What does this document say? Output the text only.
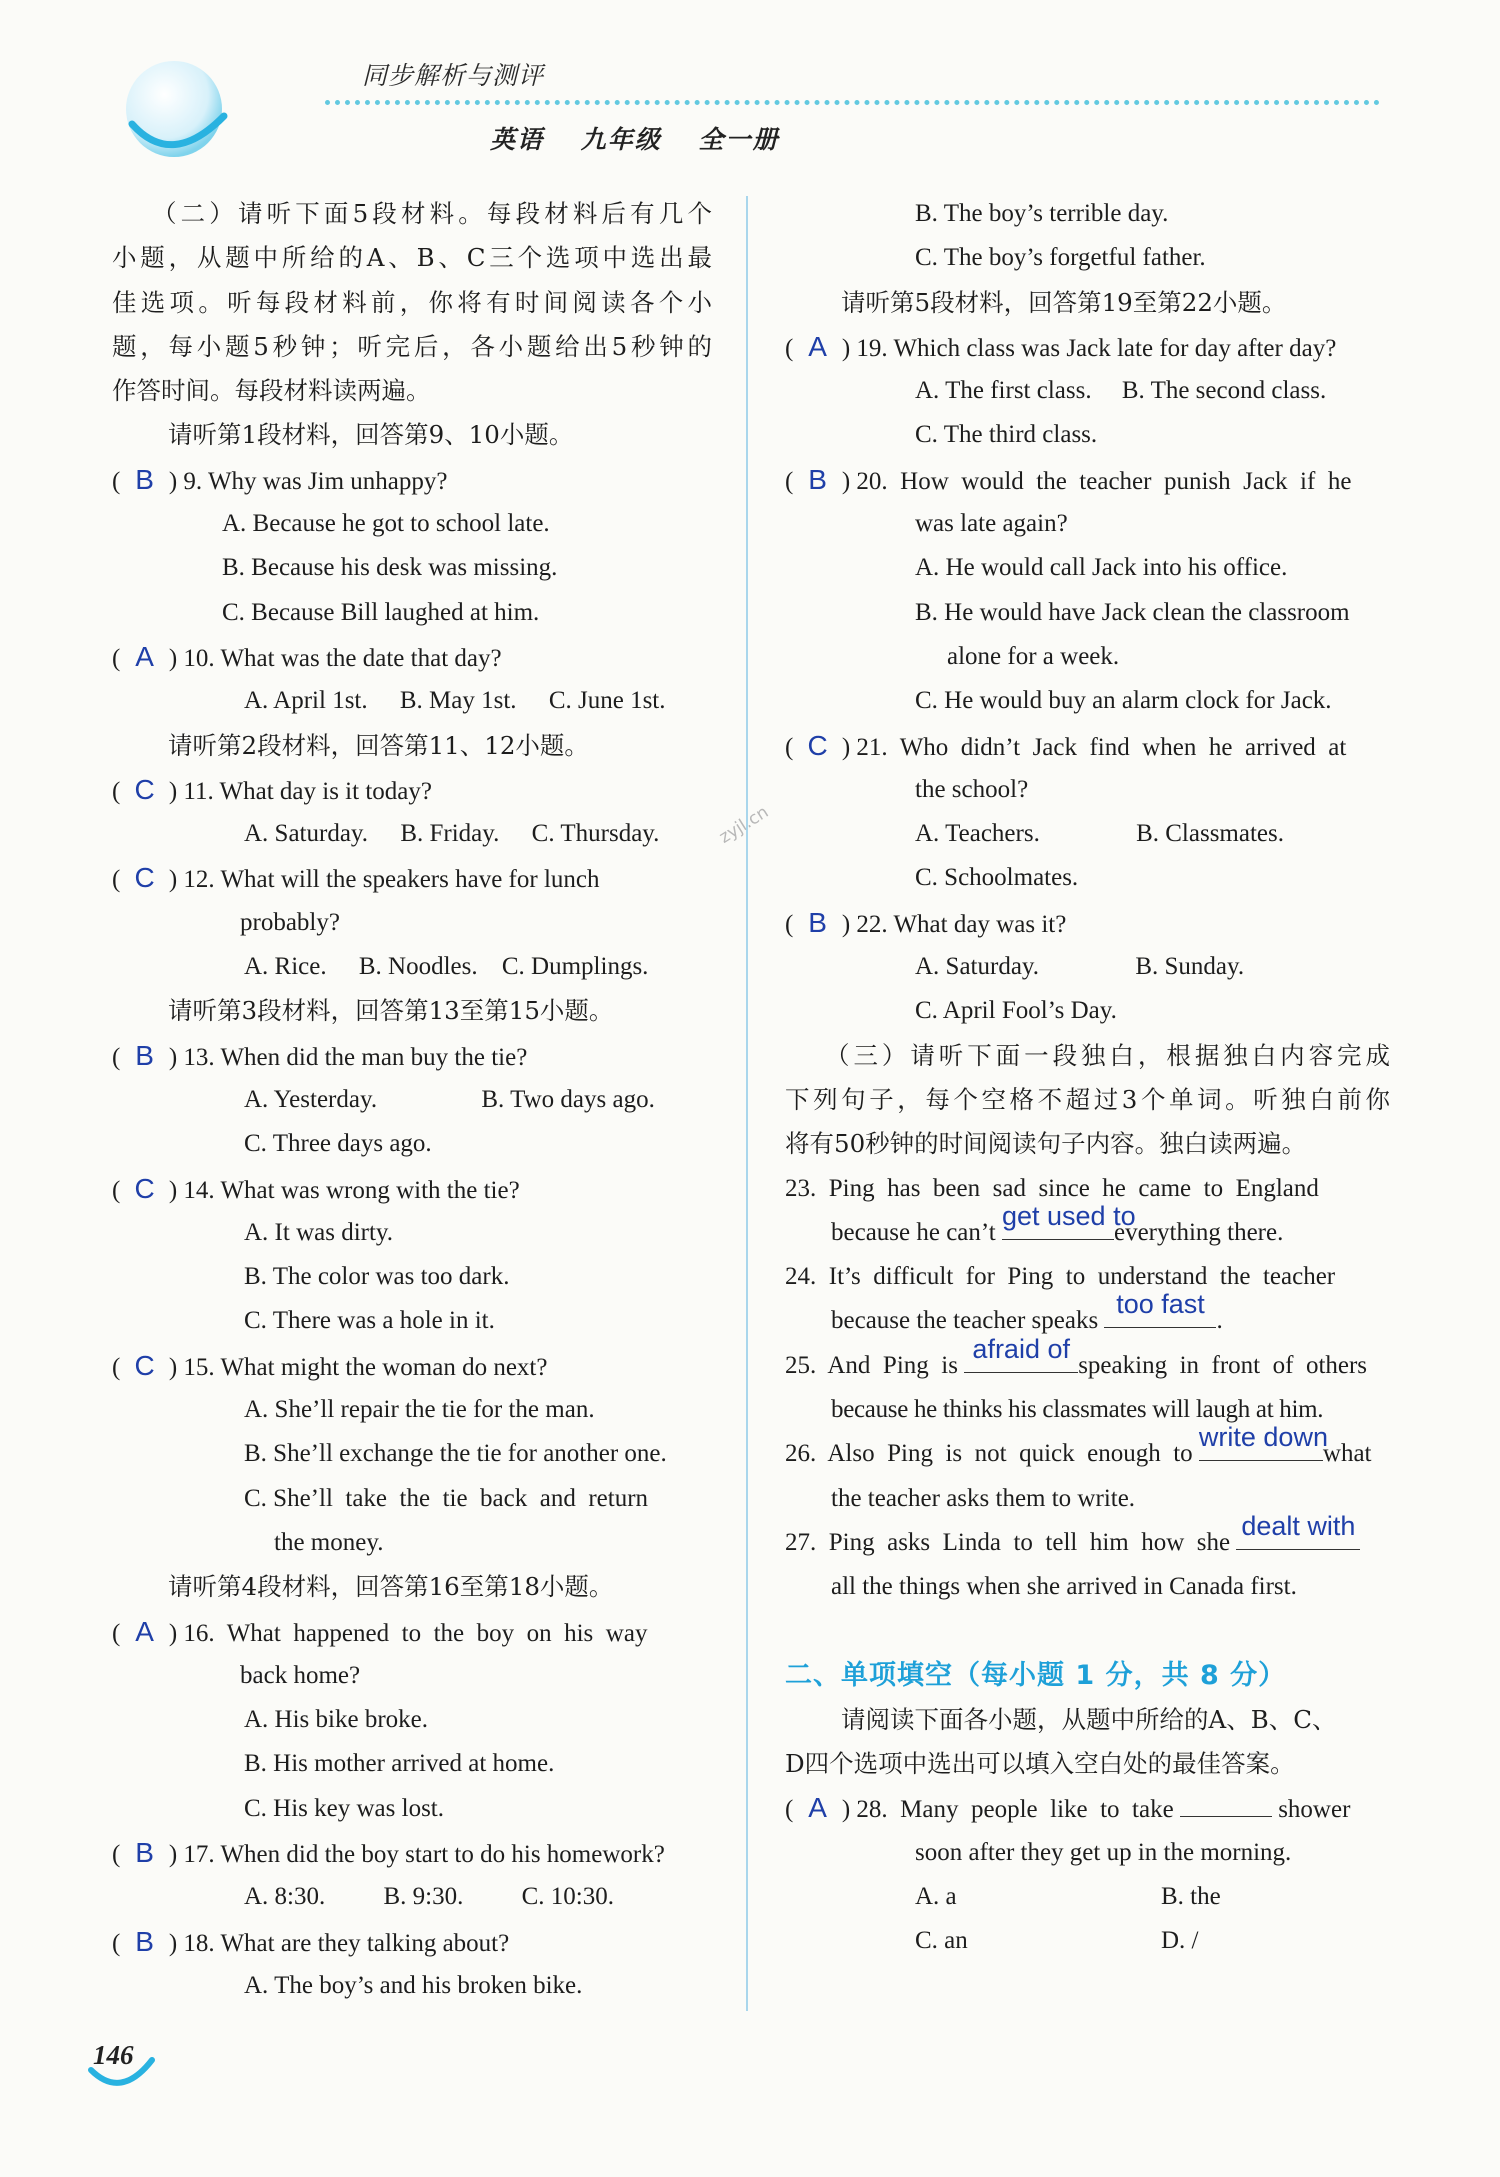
同步解析与测评
英语 九年级 全一册
（二）请听下面5段材料。每段材料后有几个
小题，从题中所给的A、B、C三个选项中选出最
佳选项。听每段材料前，你将有时间阅读各个小
题，每小题5秒钟；听完后，各小题给出5秒钟的
作答时间。每段材料读两遍。
请听第1段材料，回答第9、10小题。
( B ) 9. Why was Jim unhappy?
A. Because he got to school late.
B. Because his desk was missing.
C. Because Bill laughed at him.
( A ) 10. What was the date that day?
A. April 1st. B. May 1st. C. June 1st.
请听第2段材料，回答第11、12小题。
( C ) 11. What day is it today?
A. Saturday. B. Friday. C. Thursday.
( C ) 12. What will the speakers have for lunch
probably?
A. Rice. B. Noodles. C. Dumplings.
请听第3段材料，回答第13至第15小题。
( B ) 13. When did the man buy the tie?
A. Yesterday.	B. Two days ago.
C. Three days ago.
( C ) 14. What was wrong with the tie?
A. It was dirty.
B. The color was too dark.
C. There was a hole in it.
( C ) 15. What might the woman do next?
A. She’ll repair the tie for the man.
B. She’ll exchange the tie for another one.
C. She’ll  take  the  tie  back  and  return
the money.
请听第4段材料，回答第16至第18小题。
( A ) 16.  What  happened  to  the  boy  on  his  way
back home?
A. His bike broke.
B. His mother arrived at home.
C. His key was lost.
( B ) 17. When did the boy start to do his homework?
A. 8:30. B. 9:30. C. 10:30.
( B ) 18. What are they talking about?
A. The boy’s and his broken bike.
B. The boy’s terrible day.
C. The boy’s forgetful father.
请听第5段材料，回答第19至第22小题。
( A ) 19. Which class was Jack late for day after day?
A. The first class. B. The second class.
C. The third class.
( B ) 20.  How  would  the  teacher  punish  Jack  if  he
was late again?
A. He would call Jack into his office.
B. He would have Jack clean the classroom
alone for a week.
C. He would buy an alarm clock for Jack.
( C ) 21.  Who  didn’t  Jack  find  when  he  arrived  at
the school?
A. Teachers.	B. Classmates.
C. Schoolmates.
( B ) 22. What day was it?
A. Saturday.	B. Sunday.
C. April Fool’s Day.
（三）请听下面一段独白，根据独白内容完成
下列句子，每个空格不超过3个单词。听独白前你
将有50秒钟的时间阅读句子内容。独白读两遍。
23.  Ping  has  been  sad  since  he  came  to  England
because he can’t
get used to
everything there.
24.  It’s  difficult  for  Ping  to  understand  the  teacher
because the teacher speaks
too fast
.
25.  And  Ping  is
afraid of
speaking  in  front  of  others
because he thinks his classmates will laugh at him.
26.  Also  Ping  is  not  quick  enough  to
write down
what
the teacher asks them to write.
27.  Ping  asks  Linda  to  tell  him  how  she
dealt with
all the things when she arrived in Canada first.
二、单项填空（每小题 1 分，共 8 分）
请阅读下面各小题，从题中所给的A、B、C、
D四个选项中选出可以填入空白处的最佳答案。
( A ) 28.  Many  people  like  to  take	shower
soon after they get up in the morning.
A. a	B. the
C. an	D. /
zyjl.cn
146
